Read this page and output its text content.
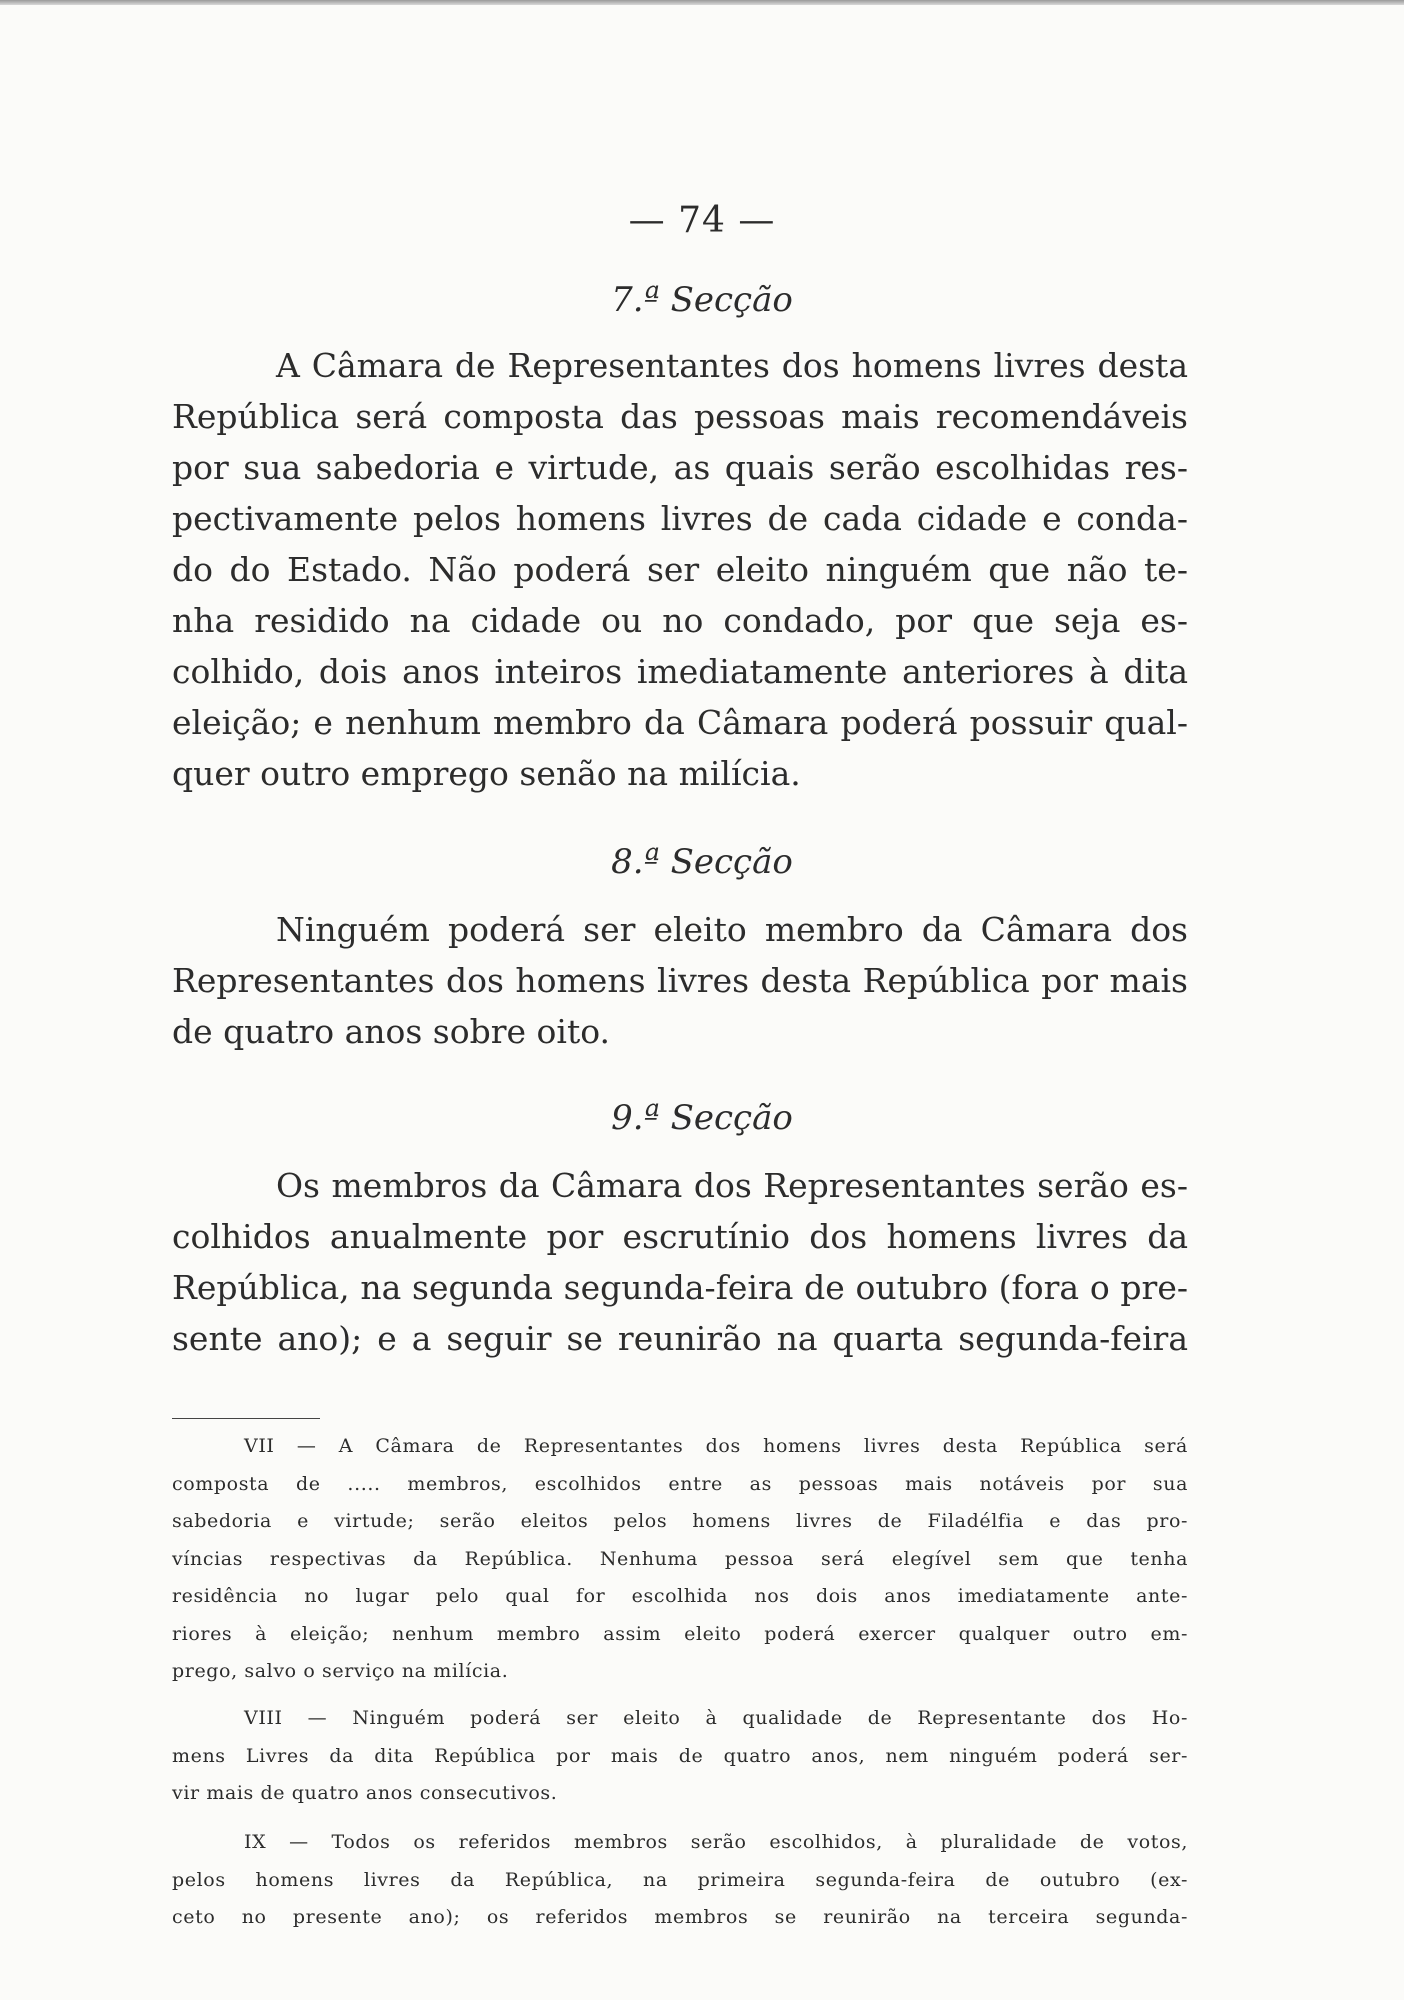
— 74 —
7.ª Secção
A Câmara de Representantes dos homens livres desta
República será composta das pessoas mais recomendáveis
por sua sabedoria e virtude, as quais serão escolhidas res-
pectivamente pelos homens livres de cada cidade e conda-
do do Estado. Não poderá ser eleito ninguém que não te-
nha residido na cidade ou no condado, por que seja es-
colhido, dois anos inteiros imediatamente anteriores à dita
eleição; e nenhum membro da Câmara poderá possuir qual-
quer outro emprego senão na milícia.
8.ª Secção
Ninguém poderá ser eleito membro da Câmara dos
Representantes dos homens livres desta República por mais
de quatro anos sobre oito.
9.ª Secção
Os membros da Câmara dos Representantes serão es-
colhidos anualmente por escrutínio dos homens livres da
República, na segunda segunda-feira de outubro (fora o pre-
sente ano); e a seguir se reunirão na quarta segunda-feira
VII — A Câmara de Representantes dos homens livres desta República será
composta de ..... membros, escolhidos entre as pessoas mais notáveis por sua
sabedoria e virtude; serão eleitos pelos homens livres de Filadélfia e das pro-
víncias respectivas da República. Nenhuma pessoa será elegível sem que tenha
residência no lugar pelo qual for escolhida nos dois anos imediatamente ante-
riores à eleição; nenhum membro assim eleito poderá exercer qualquer outro em-
prego, salvo o serviço na milícia.
VIII — Ninguém poderá ser eleito à qualidade de Representante dos Ho-
mens Livres da dita República por mais de quatro anos, nem ninguém poderá ser-
vir mais de quatro anos consecutivos.
IX — Todos os referidos membros serão escolhidos, à pluralidade de votos,
pelos homens livres da República, na primeira segunda-feira de outubro (ex-
ceto no presente ano); os referidos membros se reunirão na terceira segunda-
